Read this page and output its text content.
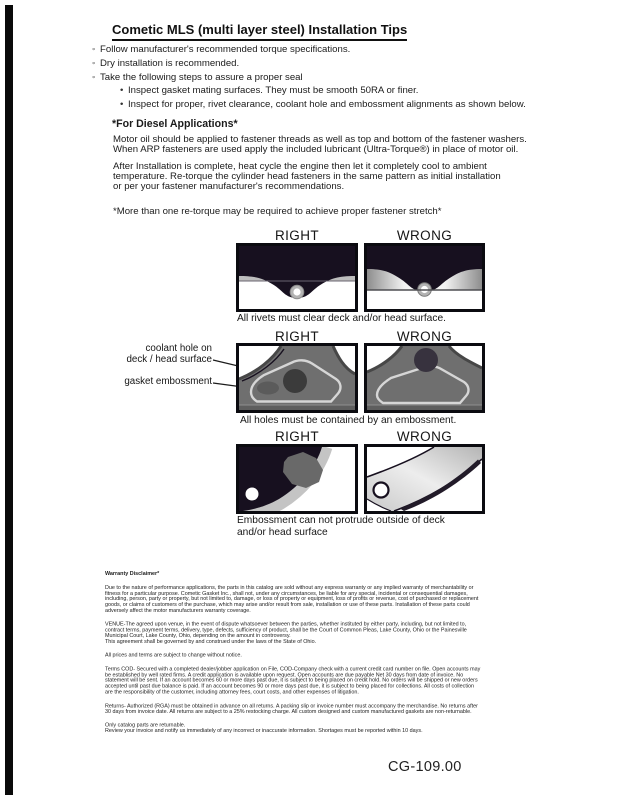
Cometic MLS (multi layer steel) Installation Tips
◦ Follow manufacturer's recommended torque specifications.
◦ Dry installation is recommended.
◦ Take the following steps to assure a proper seal
• Inspect gasket mating surfaces. They must be smooth 50RA or finer.
• Inspect for proper, rivet clearance, coolant hole and embossment alignments as shown below.
*For Diesel Applications*
Motor oil should be applied to fastener threads as well as top and bottom of the fastener washers.
When ARP fasteners are used apply the included lubricant (Ultra-Torque®) in place of motor oil.
After Installation is complete, heat cycle the engine then let it completely cool to ambient
temperature. Re-torque the cylinder head fasteners in the same pattern as initial installation
or per your fastener manufacturer's recommendations.
*More than one re-torque may be required to achieve proper fastener stretch*
RIGHT	WRONG
All rivets must clear deck and/or head surface.
RIGHT	WRONG
coolant hole on
deck / head surface
gasket embossment
All holes must be contained by an embossment.
RIGHT	WRONG
Embossment can not protrude outside of deck
and/or head surface
Warranty Disclaimer*
Due to the nature of performance applications, the parts in this catalog are sold without any express warranty or any implied warranty of merchantability or
fitness for a particular purpose. Cometic Gasket Inc., shall not, under any circumstances, be liable for any special, incidental or consequential damages,
including, person, party or property, but not limited to, damage, or loss of property or equipment, loss of profits or revenue, cost of purchased or replacement
goods, or claims of customers of the purchase, which may arise and/or result from sale, installation or use of these parts. Installation of these parts could
adversely affect the motor manufacturers warranty coverage.
VENUE-The agreed upon venue, in the event of dispute whatsoever between the parties, whether instituted by either party, including, but not limited to,
contract terms, payment terms, delivery, type, defects, sufficiency of product, shall be the Court of Common Pleas, Lake County, Ohio or the Painesville
Municipal Court, Lake County, Ohio, depending on the amount in controversy.
This agreement shall be governed by and construed under the laws of the State of Ohio.
All prices and terms are subject to change without notice.
Terms COD- Secured with a completed dealer/jobber application on File, COD-Company check with a current credit card number on file. Open accounts may
be established by well rated firms. A credit application is available upon request. Open accounts are due payable Net 30 days from date of invoice. No
statement will be sent. If an account becomes 60 or more days past due, it is subject to being placed on credit hold. No orders will be shipped or new orders
accepted until past due balance is paid. If an account becomes 90 or more days past due, it is subject to being placed for collections. All costs of collection
are the responsibility of the customer, including attorney fees, court costs, and other expenses of litigation.
Returns- Authorized (RGA) must be obtained in advance on all returns. A packing slip or invoice number must accompany the merchandise. No returns after
30 days from invoice date. All returns are subject to a 25% restocking charge. All custom designed and custom manufactured gaskets are non-returnable.
Only catalog parts are returnable.
Review your invoice and notify us immediately of any incorrect or inaccurate information. Shortages must be reported within 10 days.
CG-109.00
